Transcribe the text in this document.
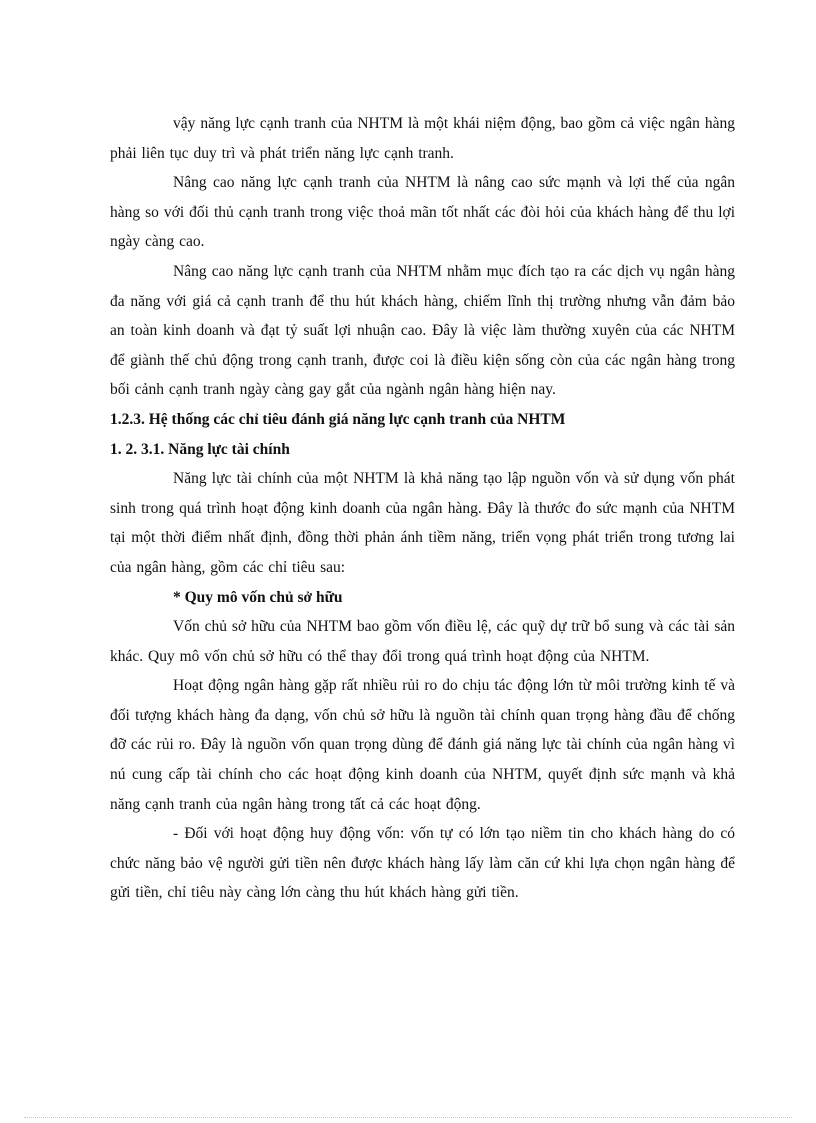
vậy năng lực cạnh tranh của NHTM là một khái niệm động, bao gồm cả việc ngân hàng phải liên tục duy trì và phát triển năng lực cạnh tranh.

Nâng cao năng lực cạnh tranh của NHTM là nâng cao sức mạnh và lợi thế của ngân hàng so với đối thủ cạnh tranh trong việc thoả mãn tốt nhất các đòi hỏi của khách hàng để thu lợi ngày càng cao.

Nâng cao năng lực cạnh tranh của NHTM nhằm mục đích tạo ra các dịch vụ ngân hàng đa năng với giá cả cạnh tranh để thu hút khách hàng, chiếm lĩnh thị trường nhưng vẫn đảm bảo an toàn kinh doanh và đạt tỷ suất lợi nhuận cao. Đây là việc làm thường xuyên của các NHTM để giành thế chủ động trong cạnh tranh, được coi là điều kiện sống còn của các ngân hàng trong bối cảnh cạnh tranh ngày càng gay gắt của ngành ngân hàng hiện nay.

1.2.3. Hệ thống các chỉ tiêu đánh giá năng lực cạnh tranh của NHTM

1. 2. 3.1. Năng lực tài chính

Năng lực tài chính của một NHTM là khả năng tạo lập nguồn vốn và sử dụng vốn phát sinh trong quá trình hoạt động kinh doanh của ngân hàng. Đây là thước đo sức mạnh của NHTM tại một thời điểm nhất định, đồng thời phản ánh tiềm năng, triển vọng phát triển trong tương lai của ngân hàng, gồm các chỉ tiêu sau:

* Quy mô vốn chủ sở hữu

Vốn chủ sở hữu của NHTM bao gồm vốn điều lệ, các quỹ dự trữ bổ sung và các tài sản khác. Quy mô vốn chủ sở hữu có thể thay đổi trong quá trình hoạt động của NHTM.

Hoạt động ngân hàng gặp rất nhiều rủi ro do chịu tác động lớn từ môi trường kinh tế và đối tượng khách hàng đa dạng, vốn chủ sở hữu là nguồn tài chính quan trọng hàng đầu để chống đỡ các rủi ro. Đây là nguồn vốn quan trọng dùng để đánh giá năng lực tài chính của ngân hàng vì nú cung cấp tài chính cho các hoạt động kinh doanh của NHTM, quyết định sức mạnh và khả năng cạnh tranh của ngân hàng trong tất cả các hoạt động.

- Đối với hoạt động huy động vốn: vốn tự có lớn tạo niềm tin cho khách hàng do có chức năng bảo vệ người gửi tiền nên được khách hàng lấy làm căn cứ khi lựa chọn ngân hàng để gửi tiền, chỉ tiêu này càng lớn càng thu hút khách hàng gửi tiền.
